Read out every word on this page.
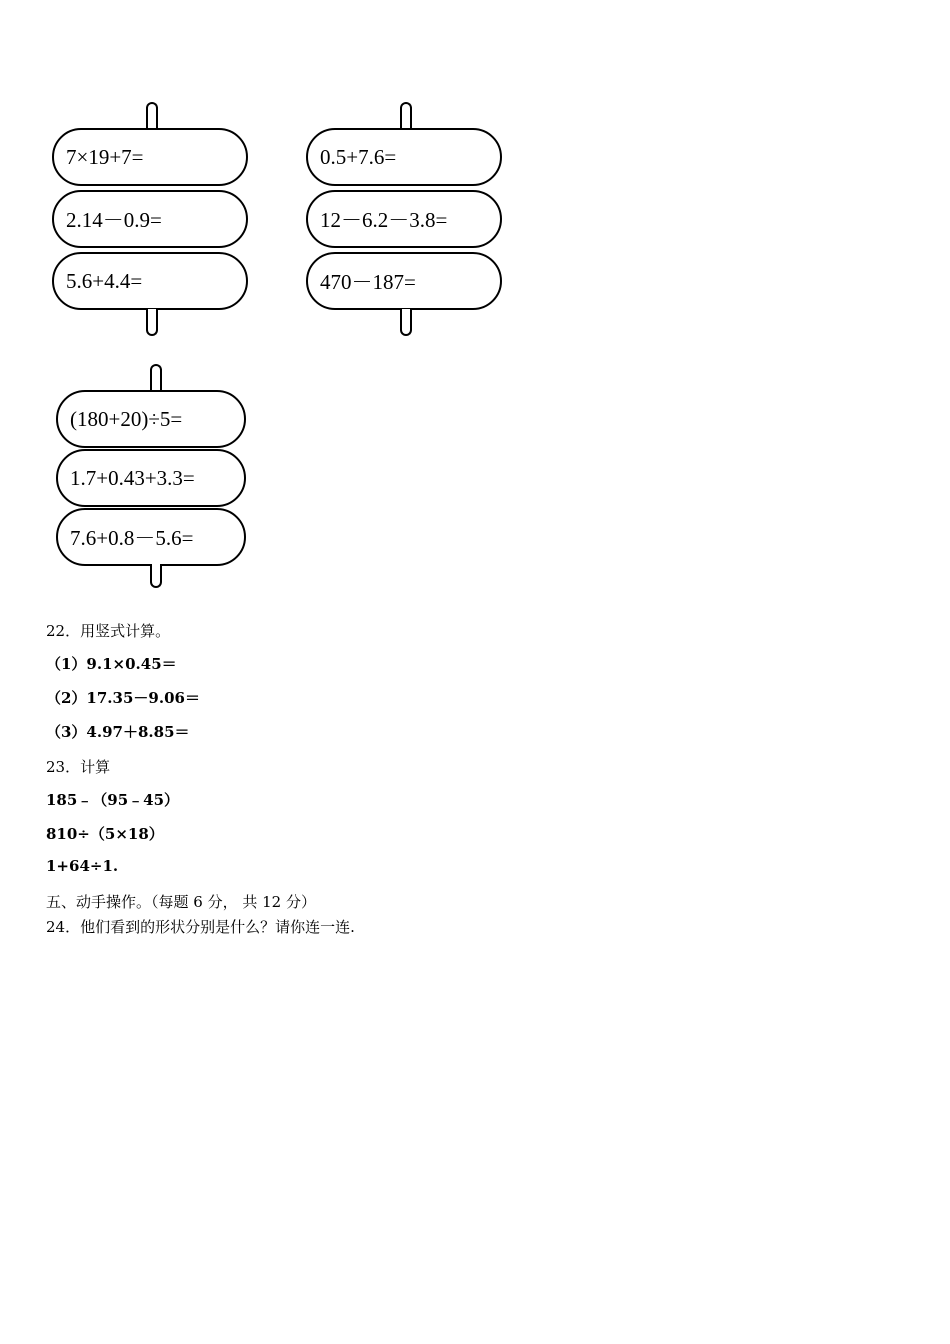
7×19+7=
2.14－0.9=
5.6+4.4=
0.5+7.6=
12－6.2－3.8=
470－187=
(180+20)÷5=
1.7+0.43+3.3=
7.6+0.8－5.6=
22．用竖式计算。
（1）9.1×0.45＝
（2）17.35－9.06＝
（3）4.97＋8.85＝
23．计算
185﹣（95﹣45）
810÷（5×18）
1+64÷1.
五、动手操作。（每题 6 分， 共 12 分）
24．他们看到的形状分别是什么？请你连一连.
